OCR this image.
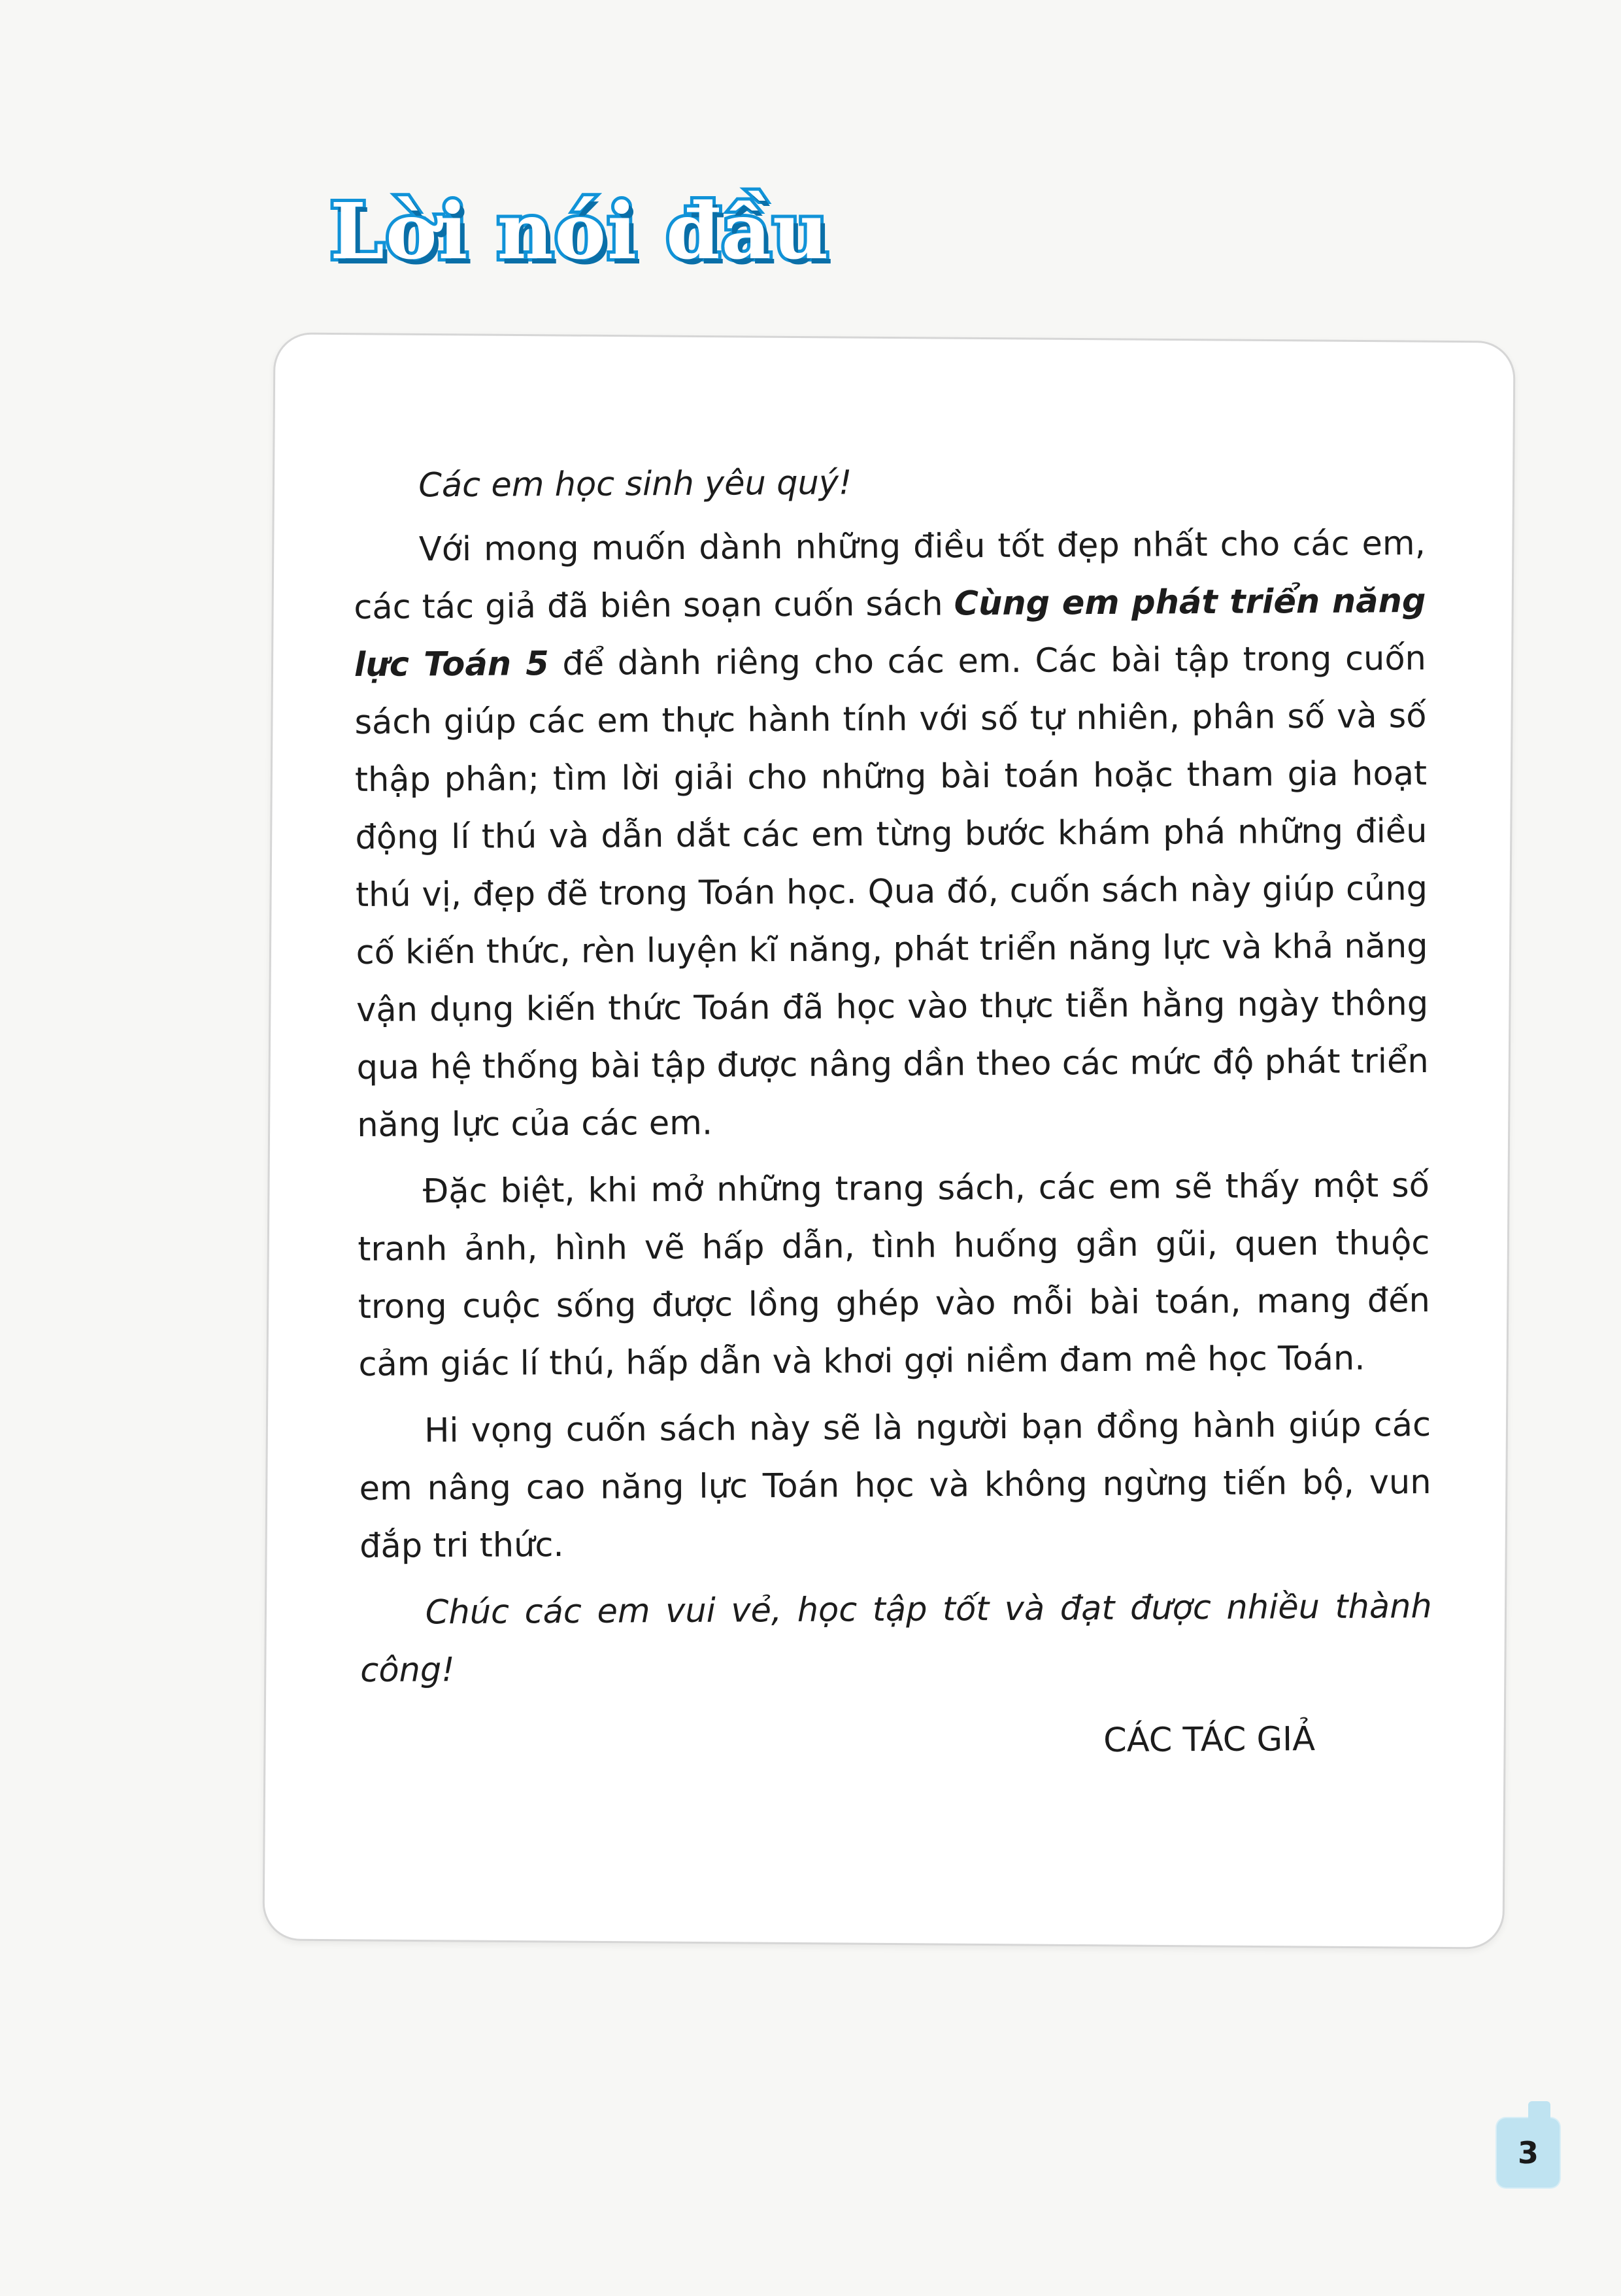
Lời nói đầu

Các em học sinh yêu quý!

Với mong muốn dành những điều tốt đẹp nhất cho các em, các tác giả đã biên soạn cuốn sách Cùng em phát triển năng lực Toán 5 để dành riêng cho các em. Các bài tập trong cuốn sách giúp các em thực hành tính với số tự nhiên, phân số và số thập phân; tìm lời giải cho những bài toán hoặc tham gia hoạt động lí thú và dẫn dắt các em từng bước khám phá những điều thú vị, đẹp đẽ trong Toán học. Qua đó, cuốn sách này giúp củng cố kiến thức, rèn luyện kĩ năng, phát triển năng lực và khả năng vận dụng kiến thức Toán đã học vào thực tiễn hằng ngày thông qua hệ thống bài tập được nâng dần theo các mức độ phát triển năng lực của các em.

Đặc biệt, khi mở những trang sách, các em sẽ thấy một số tranh ảnh, hình vẽ hấp dẫn, tình huống gần gũi, quen thuộc trong cuộc sống được lồng ghép vào mỗi bài toán, mang đến cảm giác lí thú, hấp dẫn và khơi gợi niềm đam mê học Toán.

Hi vọng cuốn sách này sẽ là người bạn đồng hành giúp các em nâng cao năng lực Toán học và không ngừng tiến bộ, vun đắp tri thức.

Chúc các em vui vẻ, học tập tốt và đạt được nhiều thành công!

CÁC TÁC GIẢ

3
